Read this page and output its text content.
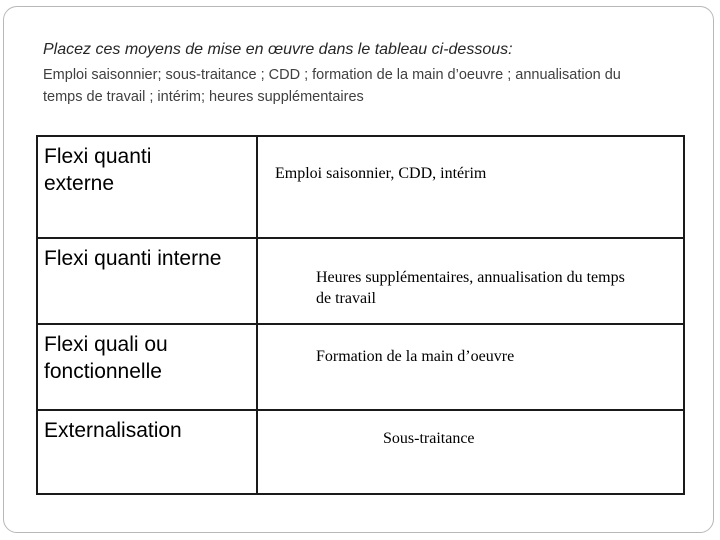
Placez ces moyens de mise en œuvre dans le tableau ci-dessous:
Emploi saisonnier; sous-traitance ; CDD ; formation de la main d’oeuvre ; annualisation du temps de travail ; intérim; heures supplémentaires
Flexi quanti externe	Emploi saisonnier, CDD, intérim
Flexi quanti interne
Heures supplémentaires, annualisation du temps de travail
Flexi quali ou fonctionnelle
Formation de la main d’oeuvre
Externalisation	Sous-traitance
